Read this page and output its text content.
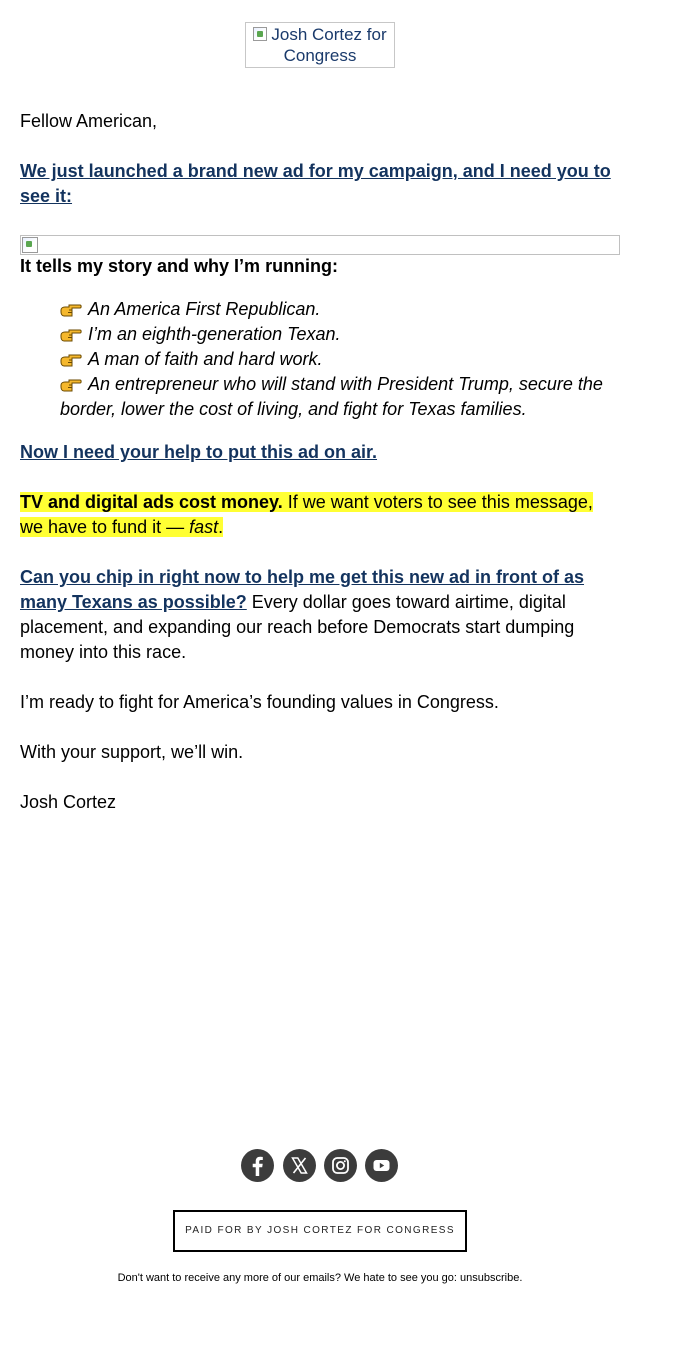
Josh Cortez for Congress

Fellow American,

We just launched a brand new ad for my campaign, and I need you to see it:

It tells my story and why I’m running:

An America First Republican.
I’m an eighth-generation Texan.
A man of faith and hard work.
An entrepreneur who will stand with President Trump, secure the border, lower the cost of living, and fight for Texas families.

Now I need your help to put this ad on air.

TV and digital ads cost money. If we want voters to see this message, we have to fund it — fast.

Can you chip in right now to help me get this new ad in front of as many Texans as possible? Every dollar goes toward airtime, digital placement, and expanding our reach before Democrats start dumping money into this race.

I’m ready to fight for America’s founding values in Congress.

With your support, we’ll win.

Josh Cortez

PAID FOR BY JOSH CORTEZ FOR CONGRESS
Don't want to receive any more of our emails? We hate to see you go: unsubscribe.
